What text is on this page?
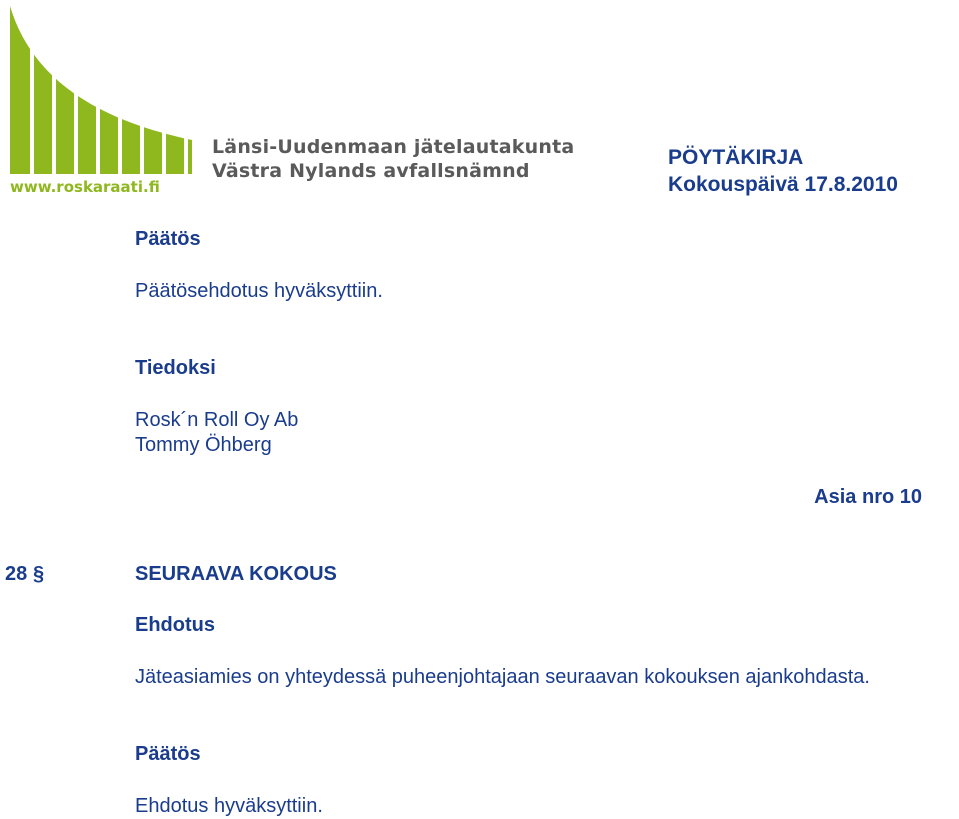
www.roskaraati.fi
Länsi-Uudenmaan jätelautakunta
Västra Nylands avfallsnämnd
PÖYTÄKIRJA
Kokouspäivä 17.8.2010
Päätös
Päätösehdotus hyväksyttiin.
Tiedoksi
Rosk´n Roll Oy Ab
Tommy Öhberg
Asia nro 10
28 §	SEURAAVA KOKOUS
Ehdotus
Jäteasiamies on yhteydessä puheenjohtajaan seuraavan kokouksen ajankohdasta.
Päätös
Ehdotus hyväksyttiin.
